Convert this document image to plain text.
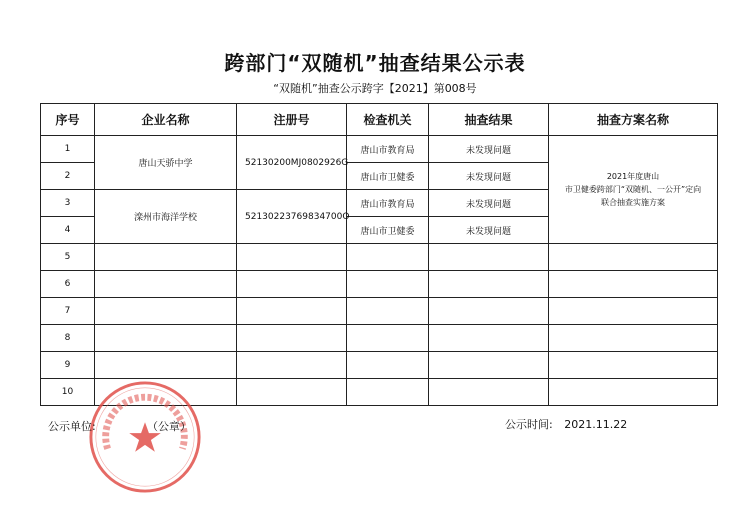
跨部门“双随机”抽查结果公示表
“双随机”抽查公示跨字【2021】第008号
序号	企业名称	注册号	检查机关	抽查结果	抽查方案名称
1	唐山天骄中学	52130200MJ0802926G	唐山市教育局	未发现问题	2021年度唐山
市卫健委跨部门“双随机、一公开”定向
联合抽查实施方案

2			唐山市卫健委	未发现问题	
3	滦州市海洋学校	52130223769834700O	唐山市教育局	未发现问题	
4			唐山市卫健委	未发现问题	
5					
6					
7					
8					
9					
10					
公示单位:	（公章）	公示时间: 2021.11.22
